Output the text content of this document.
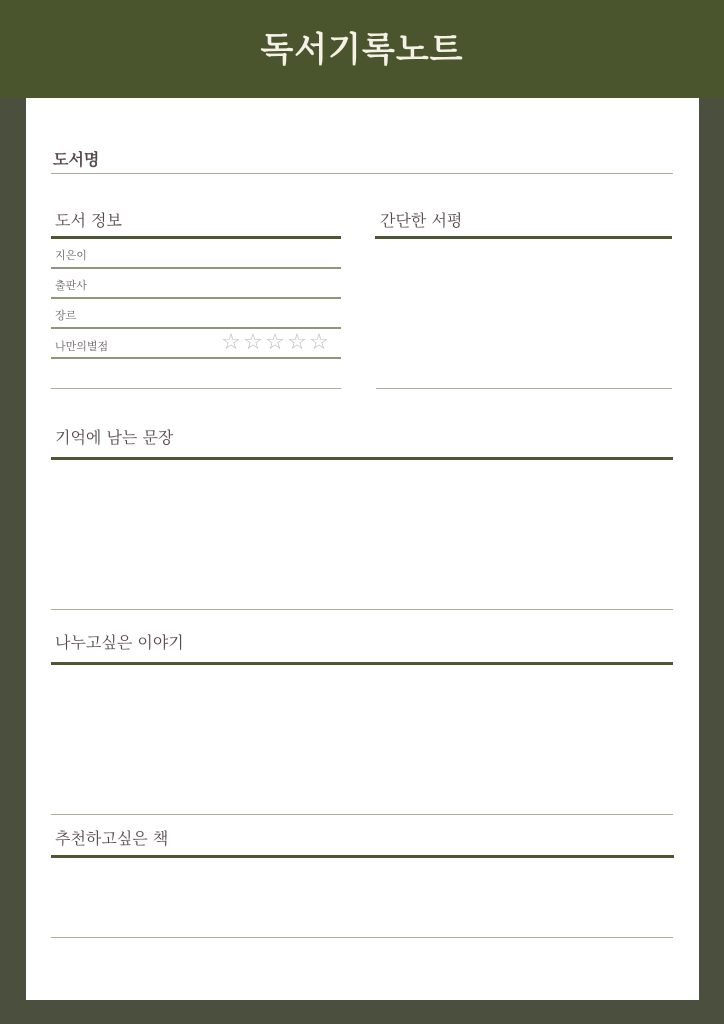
독서기록노트
도서명
도서 정보
지은이
출판사
장르
나만의별점	☆ ☆ ☆ ☆ ☆
간단한 서평
기억에 남는 문장
나누고싶은 이야기
추천하고싶은 책
